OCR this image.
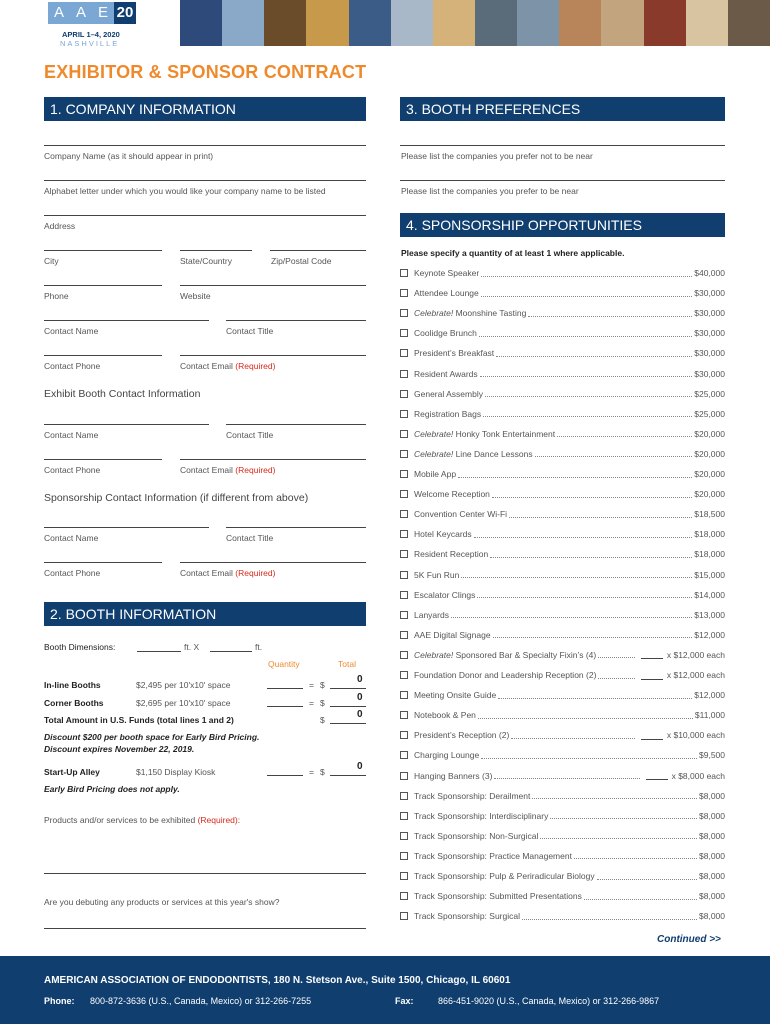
A A E 20
APRIL 1–4, 2020
NASHVILLE
EXHIBITOR & SPONSOR CONTRACT
1. COMPANY INFORMATION
Company Name (as it should appear in print)
Alphabet letter under which you would like your company name to be listed
Address
City	State/Country	Zip/Postal Code
Phone	Website
Contact Name	Contact Title
Contact Phone	Contact Email (Required)
Exhibit Booth Contact Information
Contact Name	Contact Title
Contact Phone	Contact Email (Required)
Sponsorship Contact Information (if different from above)
Contact Name	Contact Title
Contact Phone	Contact Email (Required)
2. BOOTH INFORMATION
Booth Dimensions:	ft. X	ft.
Quantity	Total
In-line Booths	$2,495 per 10'x10' space	= $	0
Corner Booths	$2,695 per 10'x10' space	= $	0
Total Amount in U.S. Funds (total lines 1 and 2)	$	0
Discount $200 per booth space for Early Bird Pricing.
Discount expires November 22, 2019.
Start-Up Alley	$1,150 Display Kiosk	= $	0
Early Bird Pricing does not apply.
Products and/or services to be exhibited (Required):
Are you debuting any products or services at this year's show?
3. BOOTH PREFERENCES
Please list the companies you prefer not to be near
Please list the companies you prefer to be near
4. SPONSORSHIP OPPORTUNITIES
Please specify a quantity of at least 1 where applicable.
Keynote Speaker	$40,000
Attendee Lounge	$30,000
Celebrate! Moonshine Tasting	$30,000
Coolidge Brunch	$30,000
President’s Breakfast	$30,000
Resident Awards	$30,000
General Assembly	$25,000
Registration Bags	$25,000
Celebrate! Honky Tonk Entertainment	$20,000
Celebrate! Line Dance Lessons	$20,000
Mobile App	$20,000
Welcome Reception	$20,000
Convention Center Wi-Fi	$18,500
Hotel Keycards	$18,000
Resident Reception	$18,000
5K Fun Run	$15,000
Escalator Clings	$14,000
Lanyards	$13,000
AAE Digital Signage	$12,000
Celebrate! Sponsored Bar & Specialty Fixin’s (4)	x $12,000 each
Foundation Donor and Leadership Reception (2)	x $12,000 each
Meeting Onsite Guide	$12,000
Notebook & Pen	$11,000
President’s Reception (2)	x $10,000 each
Charging Lounge	$9,500
Hanging Banners (3)	x $8,000 each
Track Sponsorship: Derailment	$8,000
Track Sponsorship: Interdisciplinary	$8,000
Track Sponsorship: Non-Surgical	$8,000
Track Sponsorship: Practice Management	$8,000
Track Sponsorship: Pulp & Periradicular Biology	$8,000
Track Sponsorship: Submitted Presentations	$8,000
Track Sponsorship: Surgical	$8,000
Continued >>
AMERICAN ASSOCIATION OF ENDODONTISTS, 180 N. Stetson Ave., Suite 1500, Chicago, IL 60601
Phone: 800-872-3636 (U.S., Canada, Mexico) or 312-266-7255	Fax:	866-451-9020 (U.S., Canada, Mexico) or 312-266-9867
